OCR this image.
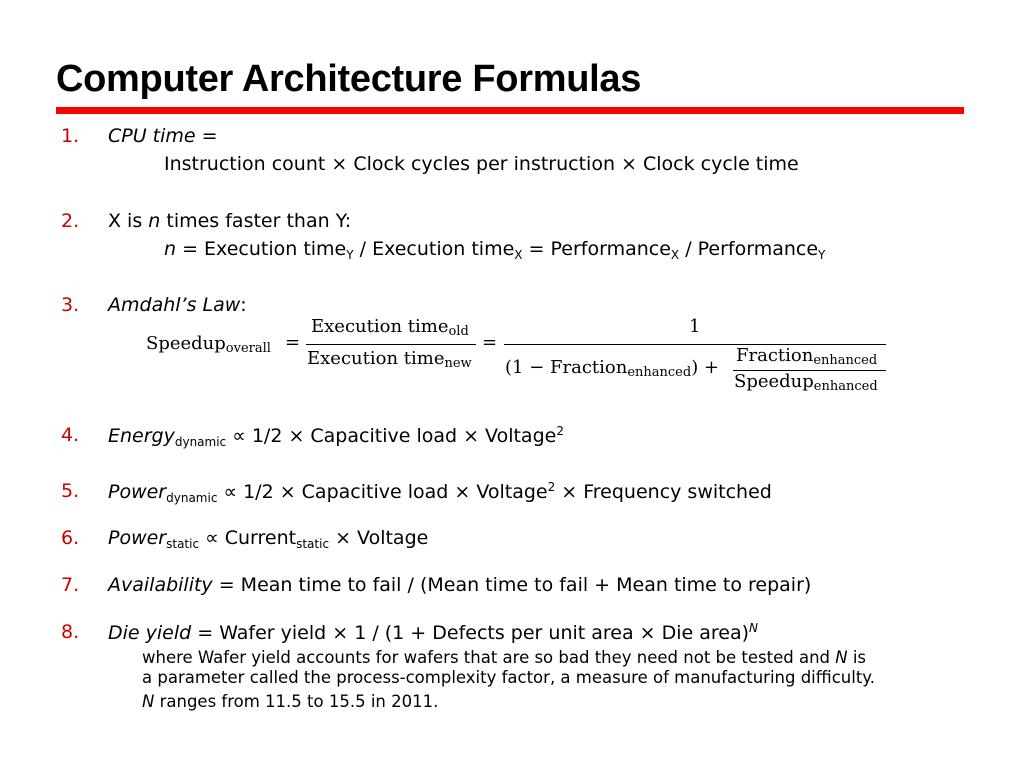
Computer Architecture Formulas
1. CPU time =
Instruction count × Clock cycles per instruction × Clock cycle time
2. X is n times faster than Y:
n = Execution time$_Y$ / Execution time$_X$ = Performance$_X$ / Performance$_Y$
3. Amdahl’s Law:
Speedup$_{overall}$ =
Execution time$_{old}$
Execution time$_{new}$
=
1
(1 − Fraction$_{enhanced}$) +
Fraction$_{enhanced}$
Speedup$_{enhanced}$
4. Energy$_{dynamic}$ ∝ 1/2 × Capacitive load × Voltage$^2$
5. Power$_{dynamic}$ ∝ 1/2 × Capacitive load × Voltage$^2$ × Frequency switched
6. Power$_{static}$ ∝ Current$_{static}$ × Voltage
7. Availability = Mean time to fail / (Mean time to fail + Mean time to repair)
8. Die yield = Wafer yield × 1 / (1 + Defects per unit area × Die area)$^N$
where Wafer yield accounts for wafers that are so bad they need not be tested and N is
a parameter called the process-complexity factor, a measure of manufacturing difficulty.
N ranges from 11.5 to 15.5 in 2011.
